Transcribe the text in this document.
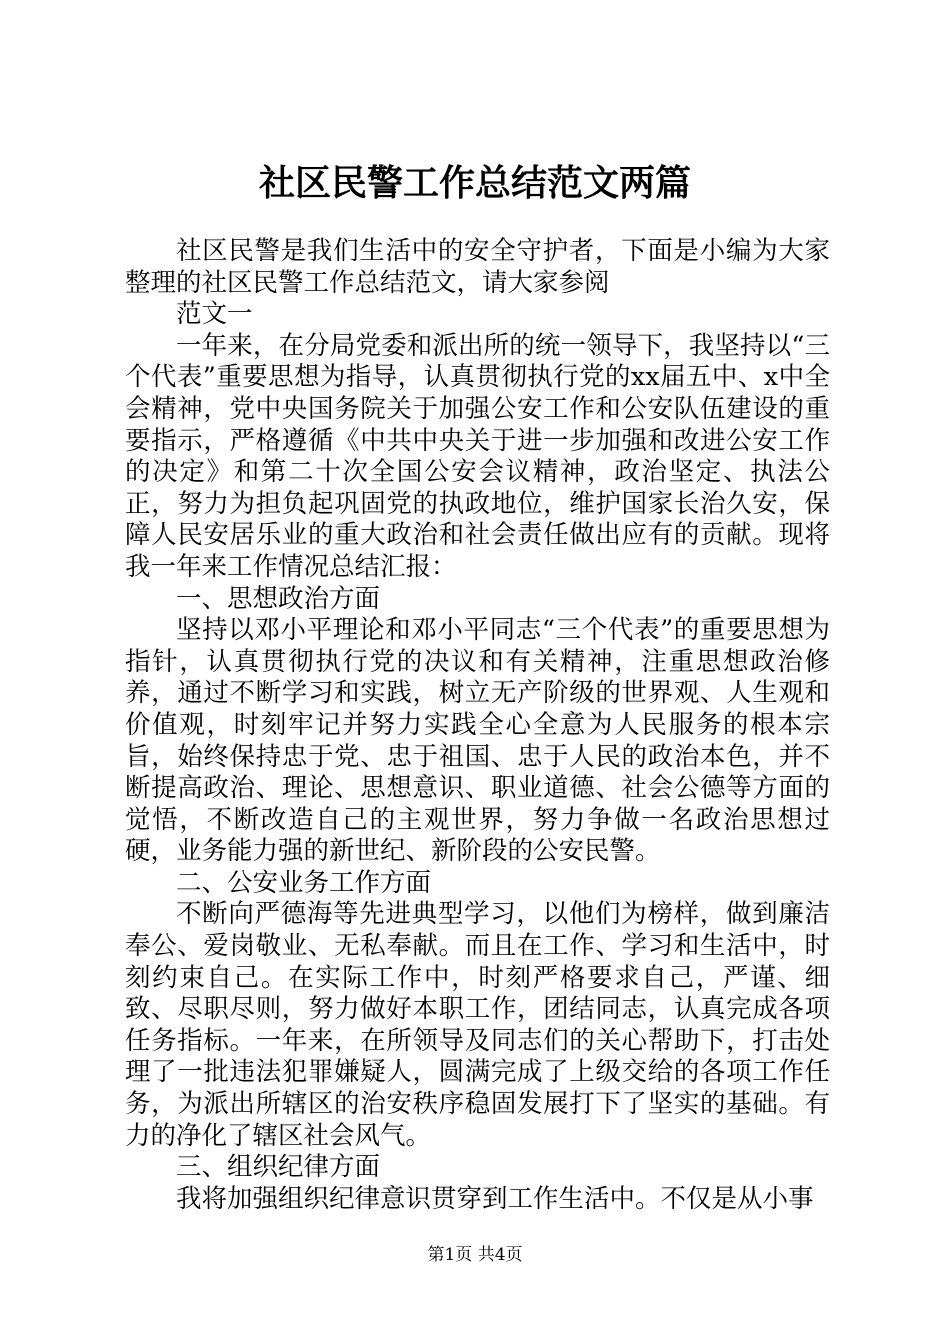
社区民警工作总结范文两篇

社区民警是我们生活中的安全守护者，下面是小编为大家整理的社区民警工作总结范文，请大家参阅

范文一

一年来，在分局党委和派出所的统一领导下，我坚持以“三个代表”重要思想为指导，认真贯彻执行党的xx届五中、x中全会精神，党中央国务院关于加强公安工作和公安队伍建设的重要指示，严格遵循《中共中央关于进一步加强和改进公安工作的决定》和第二十次全国公安会议精神，政治坚定、执法公正，努力为担负起巩固党的执政地位，维护国家长治久安，保障人民安居乐业的重大政治和社会责任做出应有的贡献。现将我一年来工作情况总结汇报：

一、思想政治方面

坚持以邓小平理论和邓小平同志“三个代表”的重要思想为指针，认真贯彻执行党的决议和有关精神，注重思想政治修养，通过不断学习和实践，树立无产阶级的世界观、人生观和价值观，时刻牢记并努力实践全心全意为人民服务的根本宗旨，始终保持忠于党、忠于祖国、忠于人民的政治本色，并不断提高政治、理论、思想意识、职业道德、社会公德等方面的觉悟，不断改造自己的主观世界，努力争做一名政治思想过硬，业务能力强的新世纪、新阶段的公安民警。

二、公安业务工作方面

不断向严德海等先进典型学习，以他们为榜样，做到廉洁奉公、爱岗敬业、无私奉献。而且在工作、学习和生活中，时刻约束自己。在实际工作中，时刻严格要求自己，严谨、细致、尽职尽则，努力做好本职工作，团结同志，认真完成各项任务指标。一年来，在所领导及同志们的关心帮助下，打击处理了一批违法犯罪嫌疑人，圆满完成了上级交给的各项工作任务，为派出所辖区的治安秩序稳固发展打下了坚实的基础。有力的净化了辖区社会风气。

三、组织纪律方面

我将加强组织纪律意识贯穿到工作生活中。不仅是从小事

第1页 共4页
